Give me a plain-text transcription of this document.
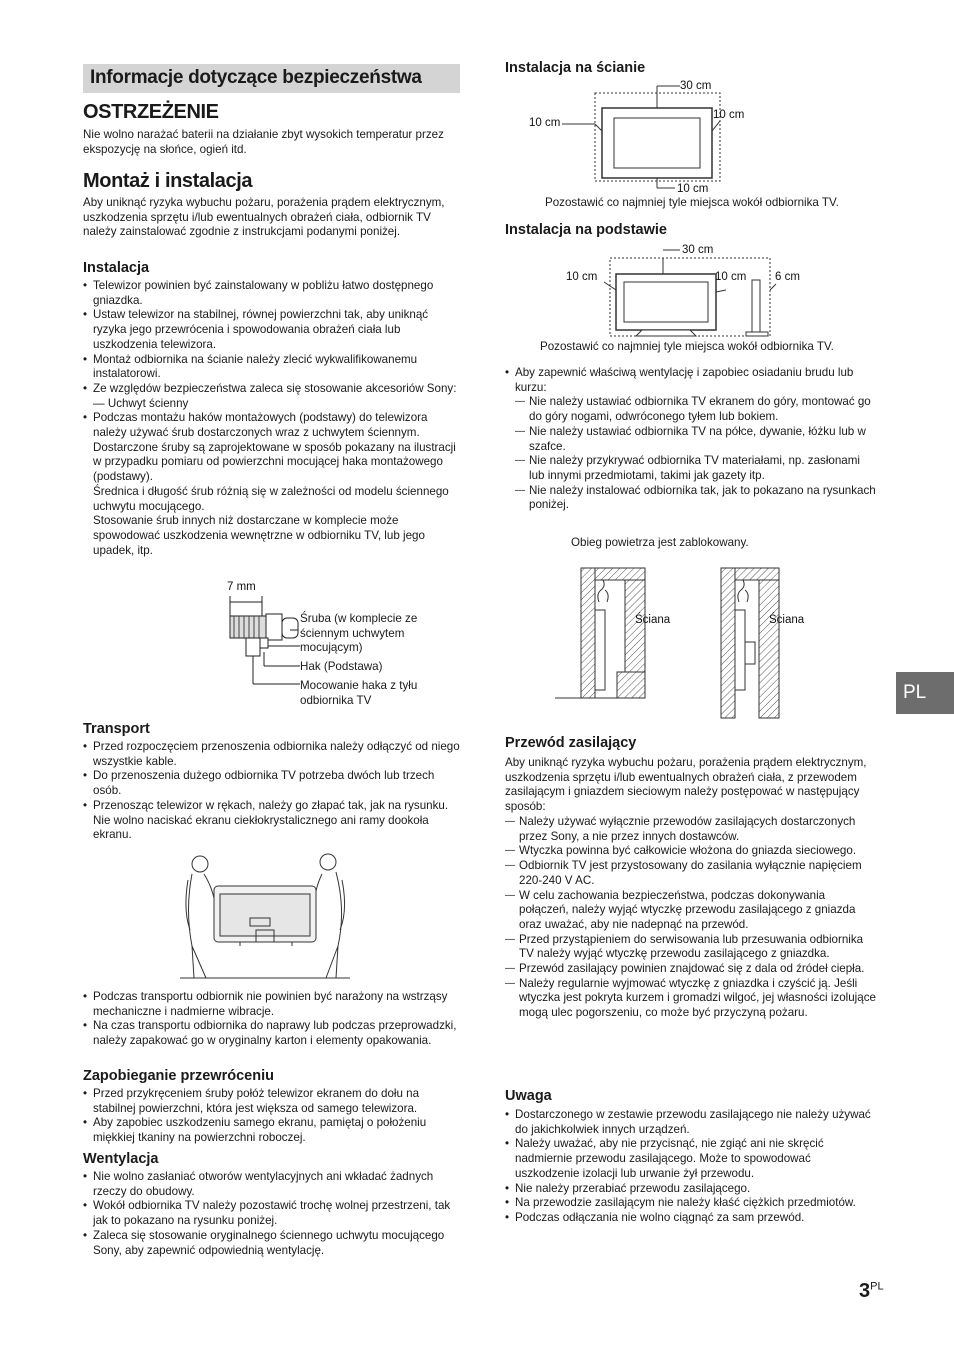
Informacje dotyczące bezpieczeństwa
OSTRZEŻENIE
Nie wolno narażać baterii na działanie zbyt wysokich temperatur przez ekspozycję na słońce, ogień itd.
Montaż i instalacja
Aby uniknąć ryzyka wybuchu pożaru, porażenia prądem elektrycznym, uszkodzenia sprzętu i/lub ewentualnych obrażeń ciała, odbiornik TV należy zainstalować zgodnie z instrukcjami podanymi poniżej.
Instalacja
• Telewizor powinien być zainstalowany w pobliżu łatwo dostępnego gniazdka.
• Ustaw telewizor na stabilnej, równej powierzchni tak, aby uniknąć ryzyka jego przewrócenia i spowodowania obrażeń ciała lub uszkodzenia telewizora.
• Montaż odbiornika na ścianie należy zlecić wykwalifikowanemu instalatorowi.
• Ze względów bezpieczeństwa zaleca się stosowanie akcesoriów Sony:
— Uchwyt ścienny

• Podczas montażu haków montażowych (podstawy) do telewizora należy używać śrub dostarczonych wraz z uchwytem ściennym. Dostarczone śruby są zaprojektowane w sposób pokazany na ilustracji w przypadku pomiaru od powierzchni mocującej haka montażowego (podstawy).

Średnica i długość śrub różnią się w zależności od modelu ściennego uchwytu mocującego.

Stosowanie śrub innych niż dostarczane w komplecie może spowodować uszkodzenia wewnętrzne w odbiorniku TV, lub jego upadek, itp.

7 mm
Śruba (w komplecie ze ściennym uchwytem mocującym)
Hak (Podstawa)
Mocowanie haka z tyłu odbiornika TV
Transport
• Przed rozpoczęciem przenoszenia odbiornika należy odłączyć od niego wszystkie kable.
• Do przenoszenia dużego odbiornika TV potrzeba dwóch lub trzech osób.
• Przenosząc telewizor w rękach, należy go złapać tak, jak na rysunku. Nie wolno naciskać ekranu ciekłokrystalicznego ani ramy dookoła ekranu.
• Podczas transportu odbiornik nie powinien być narażony na wstrząsy mechaniczne i nadmierne wibracje.
• Na czas transportu odbiornika do naprawy lub podczas przeprowadzki, należy zapakować go w oryginalny karton i elementy opakowania.
Zapobieganie przewróceniu
• Przed przykręceniem śruby połóż telewizor ekranem do dołu na stabilnej powierzchni, która jest większa od samego telewizora.
• Aby zapobiec uszkodzeniu samego ekranu, pamiętaj o położeniu miękkiej tkaniny na powierzchni roboczej.
Wentylacja
• Nie wolno zasłaniać otworów wentylacyjnych ani wkładać żadnych rzeczy do obudowy.
• Wokół odbiornika TV należy pozostawić trochę wolnej przestrzeni, tak jak to pokazano na rysunku poniżej.
• Zaleca się stosowanie oryginalnego ściennego uchwytu mocującego Sony, aby zapewnić odpowiednią wentylację.
Instalacja na ścianie
30 cm
10 cm
10 cm
10 cm
Pozostawić co najmniej tyle miejsca wokół odbiornika TV.
Instalacja na podstawie
30 cm
10 cm	10 cm 6 cm
Pozostawić co najmniej tyle miejsca wokół odbiornika TV.
• Aby zapewnić właściwą wentylację i zapobiec osiadaniu brudu lub kurzu:
— Nie należy ustawiać odbiornika TV ekranem do góry, montować go do góry nogami, odwróconego tyłem lub bokiem.
— Nie należy ustawiać odbiornika TV na półce, dywanie, łóżku lub w szafce.
— Nie należy przykrywać odbiornika TV materiałami, np. zasłonami lub innymi przedmiotami, takimi jak gazety itp.
— Nie należy instalować odbiornika tak, jak to pokazano na rysunkach poniżej.
Obieg powietrza jest zablokowany.
Ściana	Ściana
Przewód zasilający
Aby uniknąć ryzyka wybuchu pożaru, porażenia prądem elektrycznym, uszkodzenia sprzętu i/lub ewentualnych obrażeń ciała, z przewodem zasilającym i gniazdem sieciowym należy postępować w następujący sposób:
— Należy używać wyłącznie przewodów zasilających dostarczonych przez Sony, a nie przez innych dostawców.
— Wtyczka powinna być całkowicie włożona do gniazda sieciowego.
— Odbiornik TV jest przystosowany do zasilania wyłącznie napięciem 220-240 V AC.
— W celu zachowania bezpieczeństwa, podczas dokonywania połączeń, należy wyjąć wtyczkę przewodu zasilającego z gniazda oraz uważać, aby nie nadepnąć na przewód.
— Przed przystąpieniem do serwisowania lub przesuwania odbiornika TV należy wyjąć wtyczkę przewodu zasilającego z gniazdka.
— Przewód zasilający powinien znajdować się z dala od źródeł ciepła.
— Należy regularnie wyjmować wtyczkę z gniazdka i czyścić ją. Jeśli wtyczka jest pokryta kurzem i gromadzi wilgoć, jej własności izolujące mogą ulec pogorszeniu, co może być przyczyną pożaru.
Uwaga
• Dostarczonego w zestawie przewodu zasilającego nie należy używać do jakichkolwiek innych urządzeń.
• Należy uważać, aby nie przycisnąć, nie zgiąć ani nie skręcić nadmiernie przewodu zasilającego. Może to spowodować uszkodzenie izolacji lub urwanie żył przewodu.
• Nie należy przerabiać przewodu zasilającego.
• Na przewodzie zasilającym nie należy kłaść ciężkich przedmiotów.
• Podczas odłączania nie wolno ciągnąć za sam przewód.
PL
$3^{PL}$
